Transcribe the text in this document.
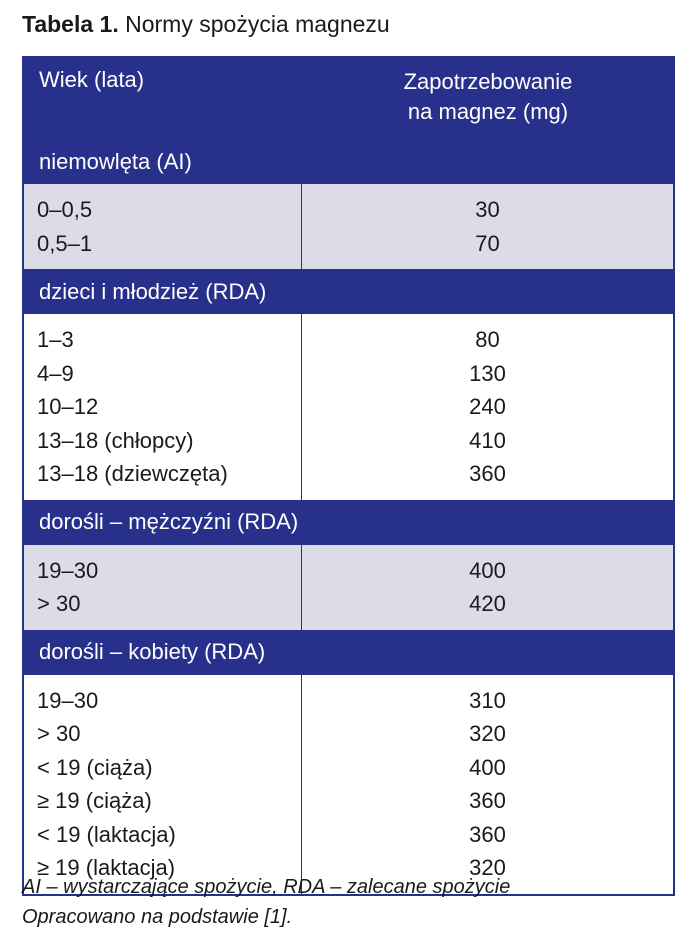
Tabela 1. Normy spożycia magnezu
Wiek (lata)	Zapotrzebowanie
na magnez (mg)
niemowlęta (AI)
0–0,5
0,5–1
30
70
dzieci i młodzież (RDA)
1–3
4–9
10–12
13–18 (chłopcy)
13–18 (dziewczęta)
80
130
240
410
360
dorośli – mężczyźni (RDA)
19–30
> 30
400
420
dorośli – kobiety (RDA)
19–30
> 30
< 19 (ciąża)
≥ 19 (ciąża)
< 19 (laktacja)
≥ 19 (laktacja)
310
320
400
360
360
320
AI – wystarczające spożycie, RDA – zalecane spożycie
Opracowano na podstawie [1].
